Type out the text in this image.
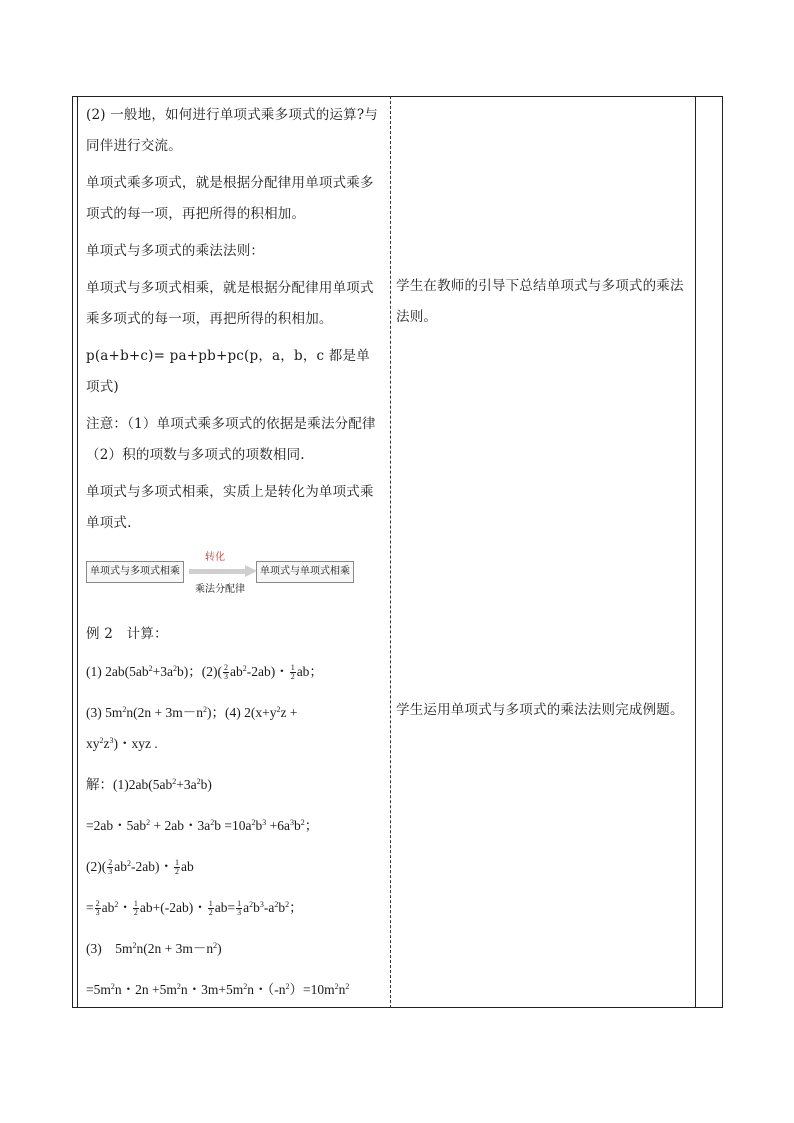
(2) 一般地，如何进行单项式乘多项式的运算?与同伴进行交流。

单项式乘多项式，就是根据分配律用单项式乘多项式的每一项，再把所得的积相加。

单项式与多项式的乘法法则：

单项式与多项式相乘，就是根据分配律用单项式乘多项式的每一项，再把所得的积相加。

p(a+b+c)= pa+pb+pc(p，a，b，c 都是单项式)

注意：（1）单项式乘多项式的依据是乘法分配律（2）积的项数与多项式的项数相同.

单项式与多项式相乘，实质上是转化为单项式乘单项式.

单项式与多项式相乘
转化
乘法分配律
单项式与单项式相乘

例 2　计算：

(1) $2ab(5ab^2+3a^2b)$；$(2)( \frac{2}{3} ab^2-2ab)$・ $\frac{1}{2}$ ab；

(3) $5m^2n(2n + 3m-n^2)$；(4) $2(x+y^2z$ +

$xy^2z^3$)・xyz .

解：$(1)2ab(5ab^2+3a^2b)$

=2ab・$5ab^2 + 2ab$・$3a^2b =10a^2b^3 +6a^3b^2$；

$(2)( \frac{2}{3} ab^2-2ab)$・ $\frac{1}{2}$ ab

= $\frac{2}{3} ab^2$・ $\frac{1}{2} ab+(-2ab)$・ $\frac{1}{2} ab= \frac{1}{3} a^2b^3-a^2b^2$；

(3)　$5m^2n(2n + 3m-n^2)$

$=5m^2n$・$2n +5m^2n$・$3m+5m^2n$・$(-n^2)=10m^2n^2$

学生在教师的引导下总结单项式与多项式的乘法法则。

学生运用单项式与多项式的乘法法则完成例题。
